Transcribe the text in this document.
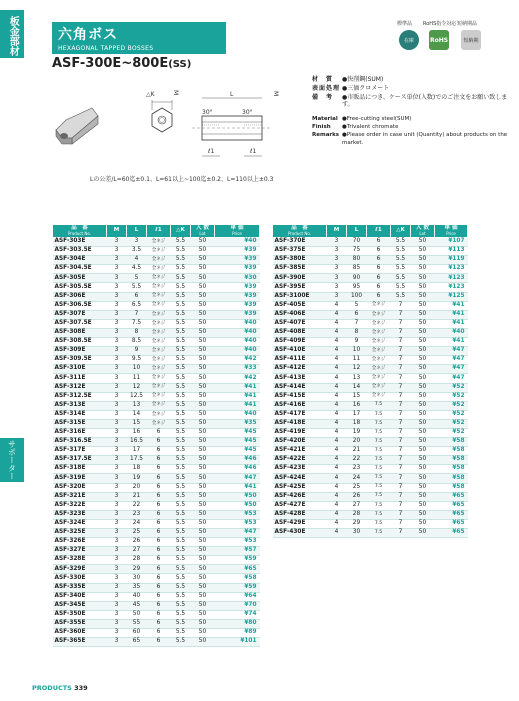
板金部材
サポーター
六角ボス
HEXAGONAL TAPPED BOSSES
ASF-300E~800E(SS)
標準品 RoHS指令対応 短納期品
在庫	RoHS	短納期
△K	M	M
L
30°	30°
ℓ1	ℓ1
Lの公差/L=60迄±0.1、L=61以上~100迄±0.2、L=110以上±0.3
材　質	●快削鋼(SUM)
表面処理 ●三価クロメート
備　考	●市販品につき、ケース単位(入数)でのご注文をお願い致します。
Material ●Free-cutting steel(SUM)
Finish	●Trivalent chromate
Remarks ●Please order in case unit (Quantity) about products on the market.
品　番
Product No.	M	L	ℓ1	△K	入 数
Lot	単 価
Price

ASF-303E	3	3	全ネジ	5.5	50	¥40
ASF-303.5E	3	3.5	全ネジ	5.5	50	¥39
ASF-304E	3	4	全ネジ	5.5	50	¥39
ASF-304.5E	3	4.5	全ネジ	5.5	50	¥39
ASF-305E	3	5	全ネジ	5.5	50	¥30
ASF-305.5E	3	5.5	全ネジ	5.5	50	¥39
ASF-306E	3	6	全ネジ	5.5	50	¥39
ASF-306.5E	3	6.5	全ネジ	5.5	50	¥39
ASF-307E	3	7	全ネジ	5.5	50	¥39
ASF-307.5E	3	7.5	全ネジ	5.5	50	¥40
ASF-308E	3	8	全ネジ	5.5	50	¥40
ASF-308.5E	3	8.5	全ネジ	5.5	50	¥40
ASF-309E	3	9	全ネジ	5.5	50	¥40
ASF-309.5E	3	9.5	全ネジ	5.5	50	¥42
ASF-310E	3	10	全ネジ	5.5	50	¥33
ASF-311E	3	11	全ネジ	5.5	50	¥42
ASF-312E	3	12	全ネジ	5.5	50	¥41
ASF-312.5E	3	12.5	全ネジ	5.5	50	¥41
ASF-313E	3	13	全ネジ	5.5	50	¥41
ASF-314E	3	14	全ネジ	5.5	50	¥40
ASF-315E	3	15	全ネジ	5.5	50	¥35
ASF-316E	3	16	6	5.5	50	¥45
ASF-316.5E	3	16.5	6	5.5	50	¥45
ASF-317E	3	17	6	5.5	50	¥45
ASF-317.5E	3	17.5	6	5.5	50	¥46
ASF-318E	3	18	6	5.5	50	¥46
ASF-319E	3	19	6	5.5	50	¥47
ASF-320E	3	20	6	5.5	50	¥41
ASF-321E	3	21	6	5.5	50	¥50
ASF-322E	3	22	6	5.5	50	¥50
ASF-323E	3	23	6	5.5	50	¥53
ASF-324E	3	24	6	5.5	50	¥53
ASF-325E	3	25	6	5.5	50	¥47
ASF-326E	3	26	6	5.5	50	¥53
ASF-327E	3	27	6	5.5	50	¥57
ASF-328E	3	28	6	5.5	50	¥59
ASF-329E	3	29	6	5.5	50	¥65
ASF-330E	3	30	6	5.5	50	¥58
ASF-335E	3	35	6	5.5	50	¥59
ASF-340E	3	40	6	5.5	50	¥64
ASF-345E	3	45	6	5.5	50	¥70
ASF-350E	3	50	6	5.5	50	¥74
ASF-355E	3	55	6	5.5	50	¥80
ASF-360E	3	60	6	5.5	50	¥89
ASF-365E	3	65	6	5.5	50	¥101
品　番
Product No.	M	L	ℓ1	△K	入 数
Lot	単 価
Price

ASF-370E	3	70	6	5.5	50	¥107
ASF-375E	3	75	6	5.5	50	¥113
ASF-380E	3	80	6	5.5	50	¥119
ASF-385E	3	85	6	5.5	50	¥123
ASF-390E	3	90	6	5.5	50	¥123
ASF-395E	3	95	6	5.5	50	¥123
ASF-3100E	3	100	6	5.5	50	¥125
ASF-405E	4	5	全ネジ	7	50	¥41
ASF-406E	4	6	全ネジ	7	50	¥41
ASF-407E	4	7	全ネジ	7	50	¥41
ASF-408E	4	8	全ネジ	7	50	¥40
ASF-409E	4	9	全ネジ	7	50	¥41
ASF-410E	4	10	全ネジ	7	50	¥47
ASF-411E	4	11	全ネジ	7	50	¥47
ASF-412E	4	12	全ネジ	7	50	¥47
ASF-413E	4	13	全ネジ	7	50	¥47
ASF-414E	4	14	全ネジ	7	50	¥52
ASF-415E	4	15	全ネジ	7	50	¥52
ASF-416E	4	16	7.5	7	50	¥52
ASF-417E	4	17	7.5	7	50	¥52
ASF-418E	4	18	7.5	7	50	¥52
ASF-419E	4	19	7.5	7	50	¥52
ASF-420E	4	20	7.5	7	50	¥58
ASF-421E	4	21	7.5	7	50	¥58
ASF-422E	4	22	7.5	7	50	¥58
ASF-423E	4	23	7.5	7	50	¥58
ASF-424E	4	24	7.5	7	50	¥58
ASF-425E	4	25	7.5	7	50	¥58
ASF-426E	4	26	7.5	7	50	¥65
ASF-427E	4	27	7.5	7	50	¥65
ASF-428E	4	28	7.5	7	50	¥65
ASF-429E	4	29	7.5	7	50	¥65
ASF-430E	4	30	7.5	7	50	¥65
PRODUCTS 339
